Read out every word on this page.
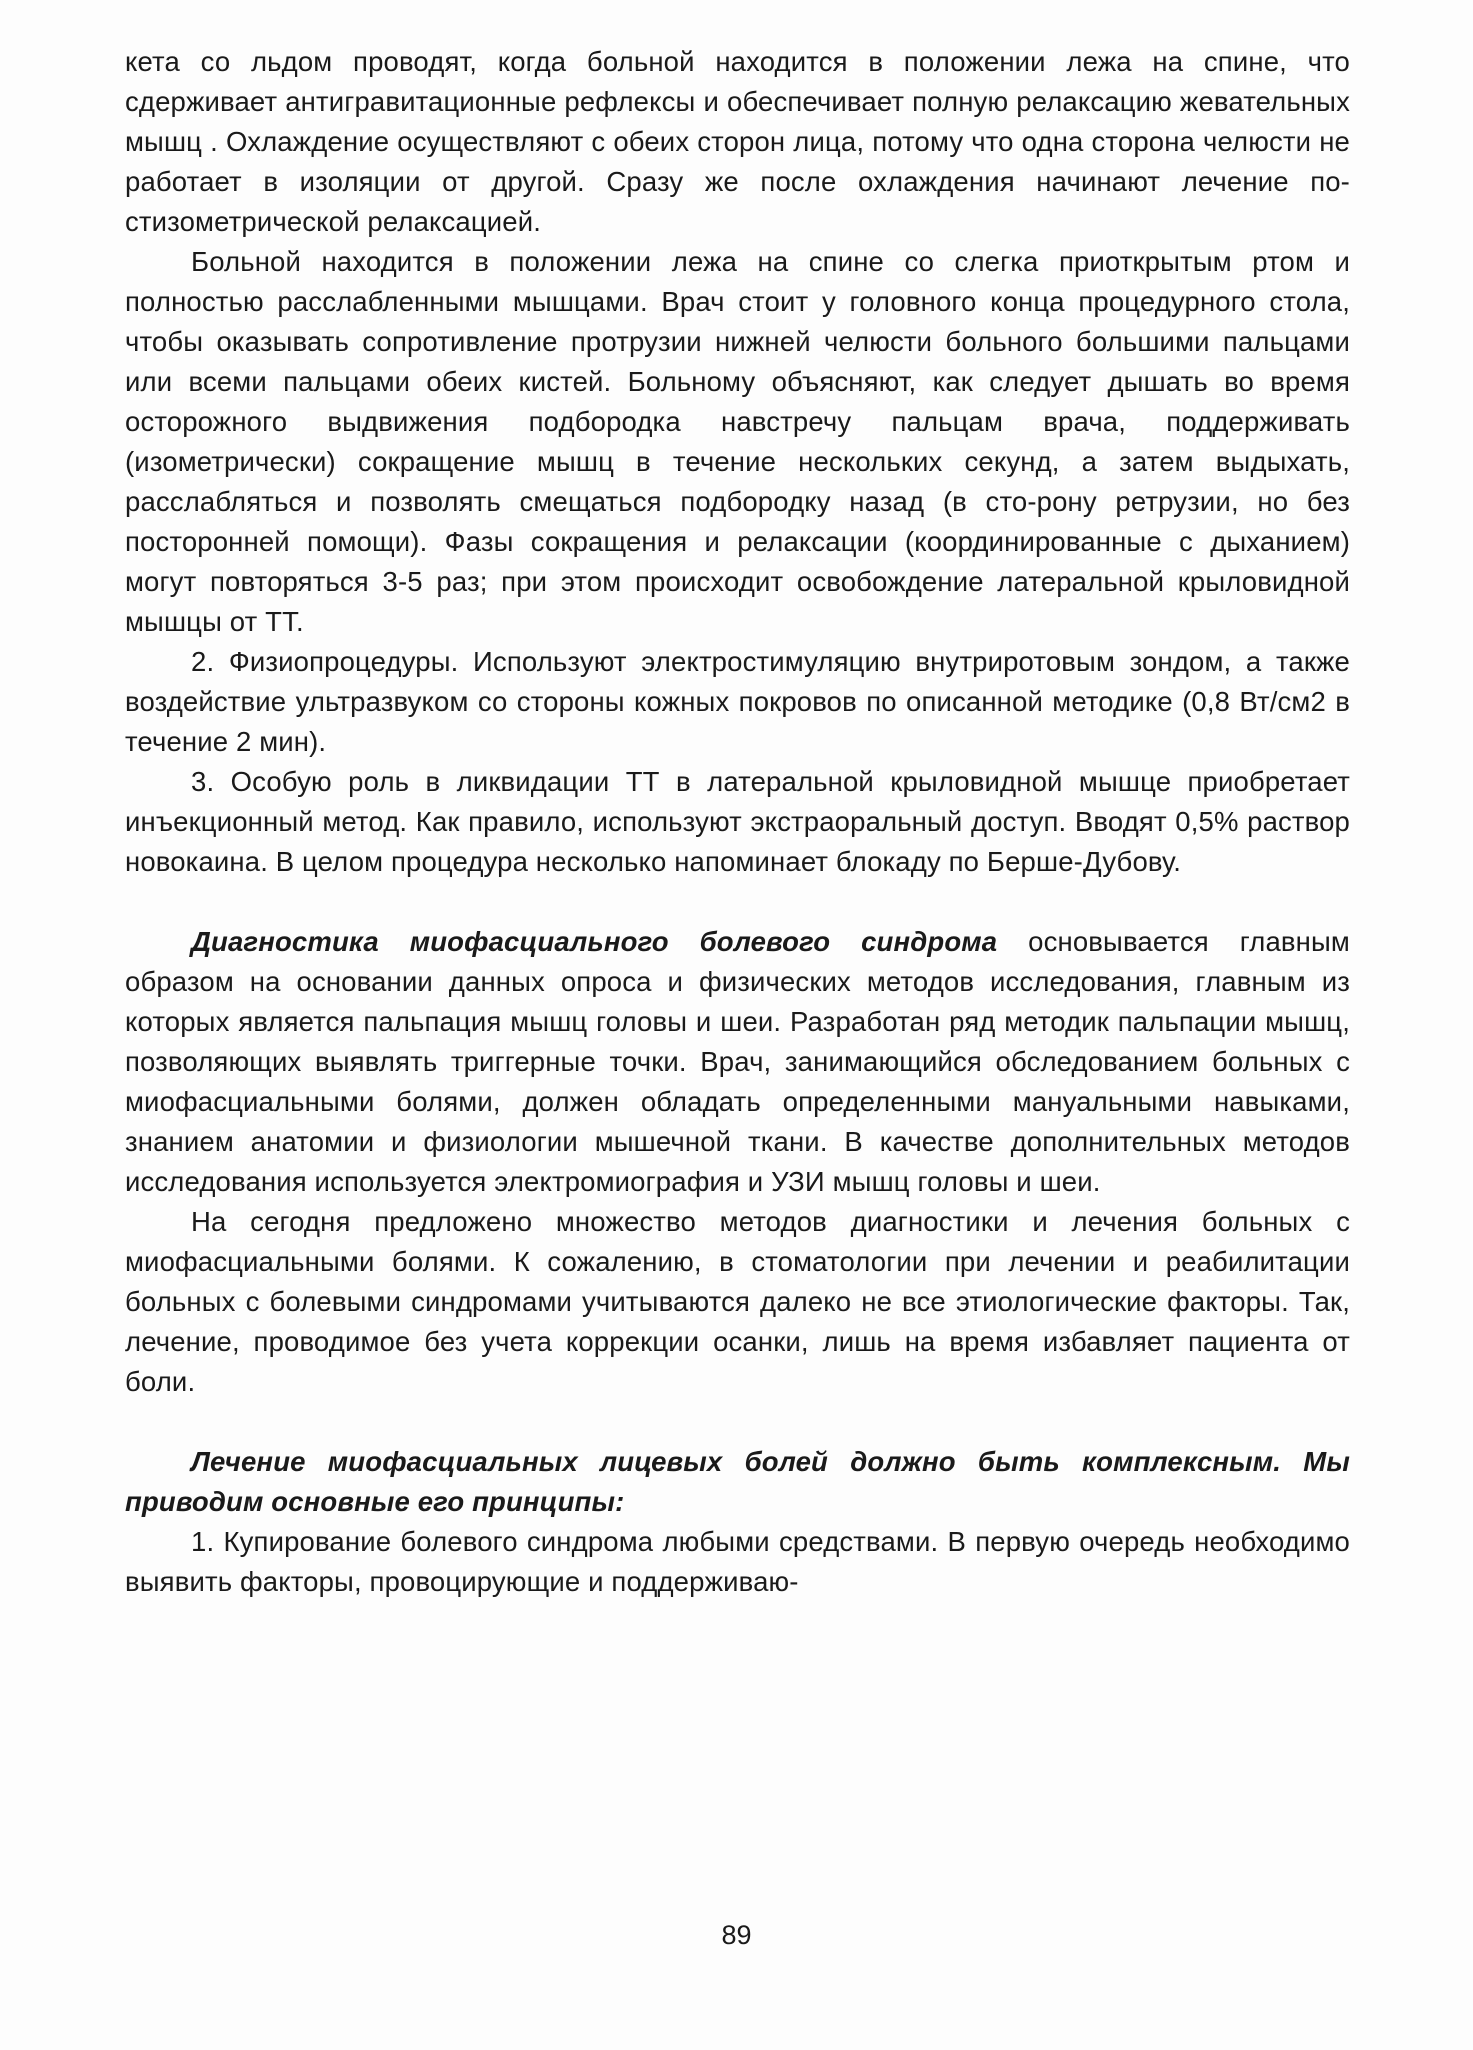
кета со льдом проводят, когда больной находится в положении лежа на спине, что сдерживает антигравитационные рефлексы и обеспечивает полную релаксацию жевательных мышц . Охлаждение осуществляют с обеих сторон лица, потому что одна сторона челюсти не работает в изоляции от другой. Сразу же после охлаждения начинают лечение по-стизометрической релаксацией.

Больной находится в положении лежа на спине со слегка приоткрытым ртом и полностью расслабленными мышцами. Врач стоит у головного конца процедурного стола, чтобы оказывать сопротивление протрузии нижней челюсти больного большими пальцами или всеми пальцами обеих кистей. Больному объясняют, как следует дышать во время осторожного выдвижения подбородка навстречу пальцам врача, поддерживать (изометрически) сокращение мышц в течение нескольких секунд, а затем выдыхать, расслабляться и позволять смещаться подбородку назад (в сто-рону ретрузии, но без посторонней помощи). Фазы сокращения и релаксации (координированные с дыханием) могут повторяться 3-5 раз; при этом происходит освобождение латеральной крыловидной мышцы от ТТ.

2. Физиопроцедуры. Используют электростимуляцию внутриротовым зондом, а также воздействие ультразвуком со стороны кожных покровов по описанной методике (0,8 Вт/см2 в течение 2 мин).

3. Особую роль в ликвидации ТТ в латеральной крыловидной мышце приобретает инъекционный метод. Как правило, используют экстраоральный доступ. Вводят 0,5% раствор новокаина. В целом процедура несколько напоминает блокаду по Берше-Дубову.

Диагностика миофасциального болевого синдрома основывается главным образом на основании данных опроса и физических методов исследования, главным из которых является пальпация мышц головы и шеи. Разработан ряд методик пальпации мышц, позволяющих выявлять триггерные точки. Врач, занимающийся обследованием больных с миофасциальными болями, должен обладать определенными мануальными навыками, знанием анатомии и физиологии мышечной ткани. В качестве дополнительных методов исследования используется электромиография и УЗИ мышц головы и шеи.

На сегодня предложено множество методов диагностики и лечения больных с миофасциальными болями. К сожалению, в стоматологии при лечении и реабилитации больных с болевыми синдромами учитываются далеко не все этиологические факторы. Так, лечение, проводимое без учета коррекции осанки, лишь на время избавляет пациента от боли.

Лечение миофасциальных лицевых болей должно быть комплексным. Мы приводим основные его принципы:

1. Купирование болевого синдрома любыми средствами. В первую очередь необходимо выявить факторы, провоцирующие и поддерживаю-

89
